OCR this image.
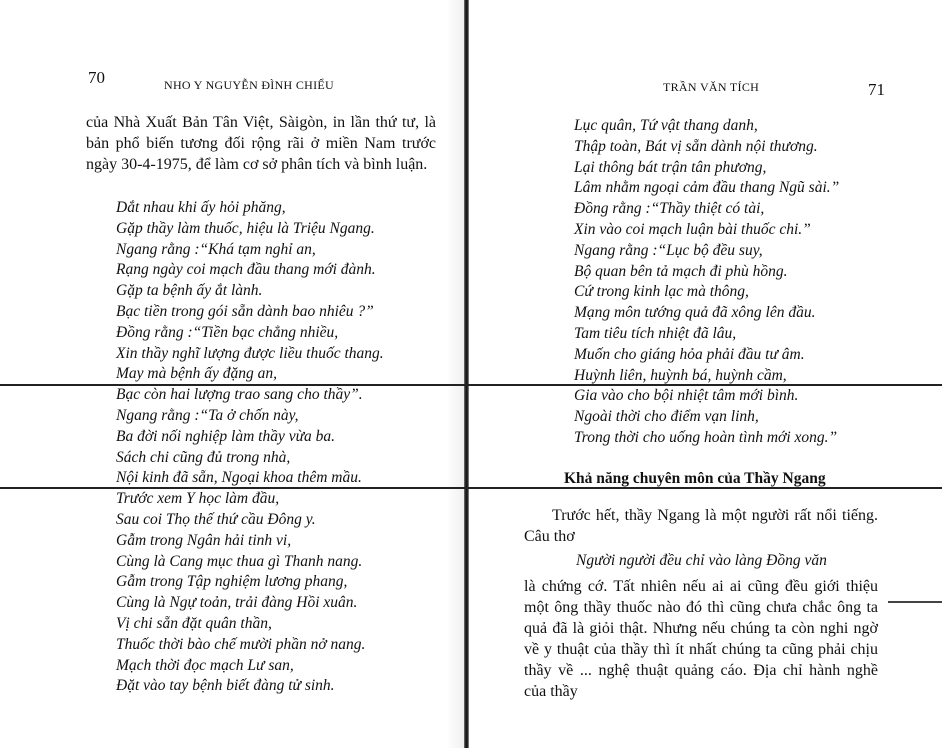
70	NHO Y NGUYỄN ĐÌNH CHIỂU

của Nhà Xuất Bản Tân Việt, Sàigòn, in lần thứ tư, là bản phổ biến tương đối rộng rãi ở miền Nam trước ngày 30-4-1975, để làm cơ sở phân tích và bình luận.

Dắt nhau khi ấy hỏi phăng,
Gặp thầy làm thuốc, hiệu là Triệu Ngang.
Ngang rằng :“Khá tạm nghỉ an,
Rạng ngày coi mạch đầu thang mới đành.
Gặp ta bệnh ấy ắt lành.
Bạc tiền trong gói sẵn dành bao nhiêu ?”
Đồng rằng :“Tiền bạc chẳng nhiều,
Xin thầy nghĩ lượng được liều thuốc thang.
May mà bệnh ấy đặng an,
Bạc còn hai lượng trao sang cho thầy”.
Ngang rằng :“Ta ở chốn này,
Ba đời nối nghiệp làm thầy vừa ba.
Sách chi cũng đủ trong nhà,
Nội kinh đã sẵn, Ngoại khoa thêm mầu.
Trước xem Y học làm đầu,
Sau coi Thọ thế thứ cầu Đông y.
Gẫm trong Ngân hải tinh vi,
Cùng là Cang mục thua gì Thanh nang.
Gẫm trong Tập nghiệm lương phang,
Cùng là Ngự toản, trải đàng Hồi xuân.
Vị chi sẵn đặt quân thần,
Thuốc thời bào chế mười phần nở nang.
Mạch thời đọc mạch Lư san,
Đặt vào tay bệnh biết đàng tử sinh.
TRẦN VĂN TÍCH	71
Lục quân, Tứ vật thang danh,
Thập toàn, Bát vị sẵn dành nội thương.
Lại thông bát trận tân phương,
Lâm nhằm ngoại cảm đầu thang Ngũ sài.”
Đồng rằng :“Thầy thiệt có tài,
Xin vào coi mạch luận bài thuốc chi.”
Ngang rằng :“Lục bộ đều suy,
Bộ quan bên tả mạch đi phù hồng.
Cứ trong kinh lạc mà thông,
Mạng môn tướng quả đã xông lên đầu.
Tam tiêu tích nhiệt đã lâu,
Muốn cho giáng hỏa phải đầu tư âm.
Huỳnh liên, huỳnh bá, huỳnh cầm,
Gia vào cho bội nhiệt tâm mới bình.
Ngoài thời cho điểm vạn linh,
Trong thời cho uống hoàn tình mới xong.”
Khả năng chuyên môn của Thầy Ngang

Trước hết, thầy Ngang là một người rất nổi tiếng. Câu thơ

Người người đều chỉ vào làng Đồng văn

là chứng cớ. Tất nhiên nếu ai ai cũng đều giới thiệu một ông thầy thuốc nào đó thì cũng chưa chắc ông ta quả đã là giỏi thật. Nhưng nếu chúng ta còn nghi ngờ về y thuật của thầy thì ít nhất chúng ta cũng phải chịu thầy về ... nghệ thuật quảng cáo. Địa chỉ hành nghề của thầy
